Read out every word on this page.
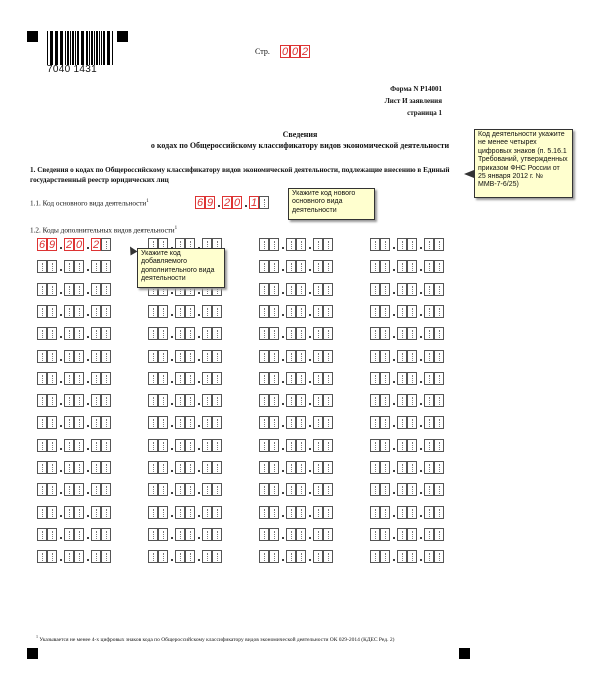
7040 1431
Стр. 0 0 2
Форма N Р14001
Лист И заявления
страница 1
Сведения
о кодах по Общероссийскому классификатору видов экономической деятельности
1. Сведения о кодах по Общероссийскому классификатору видов экономической деятельности, подлежащие внесению в Единый государственный реестр юридических лиц
1.1. Код основного вида деятельности$^1$	6 9 2 0 1
1.2. Коды дополнительных видов деятельности$^1$
6 9 2 0 2
Код деятельности укажите не менее четырех цифровых знаков (п. 5.16.1 Требований, утвержденных приказом ФНС России от 25 января 2012 г. № ММВ-7-6/25)
Укажите код нового основного вида деятельности
Укажите код добавляемого дополнительного вида деятельности
$^1$ Указывается не менее 4-х цифровых знаков кода по Общероссийскому классификатору видов экономической деятельности ОК 029-2014 (КДЕС Ред. 2)
